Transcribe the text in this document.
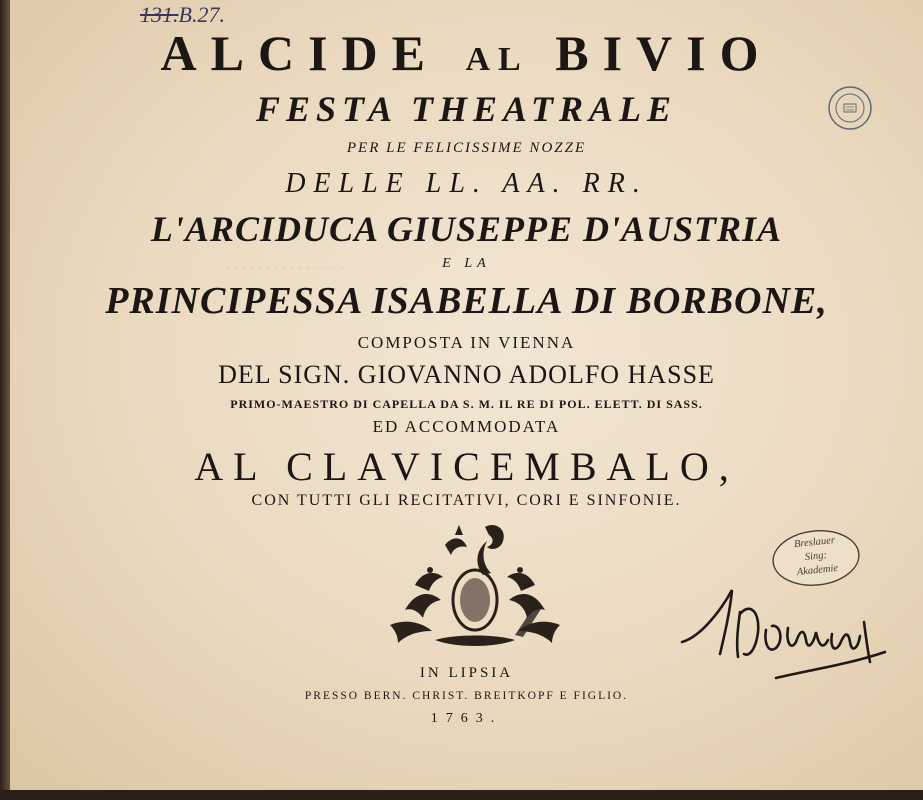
· · · · · · · · · · · · · · ·
131.B.27.
ALCIDE AL BIVIO
FESTA THEATRALE
PER LE FELICISSIME NOZZE
DELLE LL. AA. RR.
L'ARCIDUCA GIUSEPPE D'AUSTRIA
E LA
PRINCIPESSA ISABELLA DI BORBONE,
COMPOSTA IN VIENNA
DEL SIGN. GIOVANNO ADOLFO HASSE
PRIMO-MAESTRO DI CAPELLA DA S. M. IL RE DI POL. ELETT. DI SASS.
ED ACCOMMODATA
AL CLAVICEMBALO,
CON TUTTI GLI RECITATIVI, CORI E SINFONIE.
Breslauer
Sing:
Akademie
IN LIPSIA
PRESSO BERN. CHRIST. BREITKOPF E FIGLIO.
1763.
